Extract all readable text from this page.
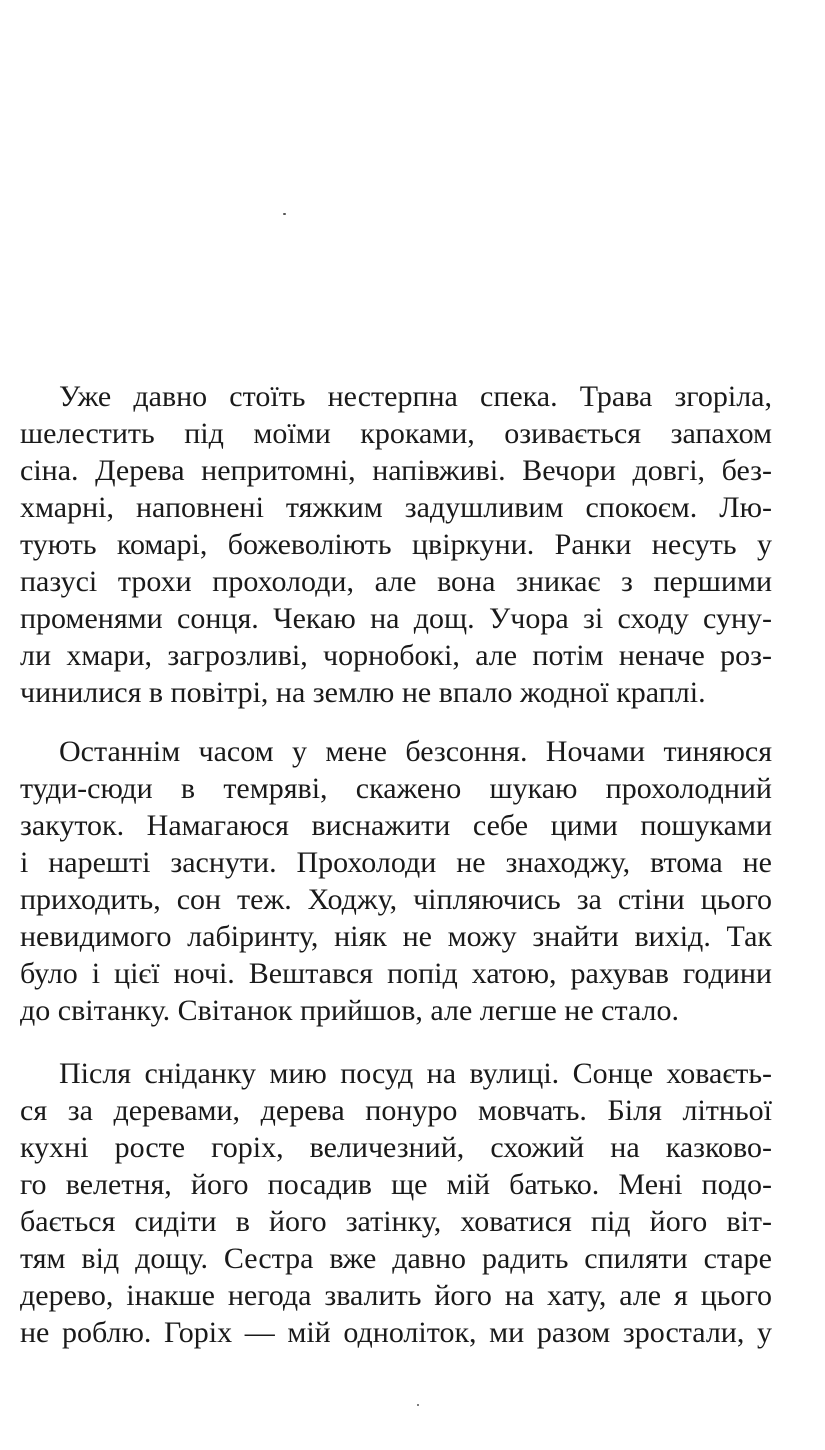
Уже давно стоїть нестерпна спека. Трава згоріла,
шелестить під моїми кроками, озивається запахом
сіна. Дерева непритомні, напівживі. Вечори довгі, без-
хмарні, наповнені тяжким задушливим спокоєм. Лю-
тують комарі, божеволіють цвіркуни. Ранки несуть у
пазусі трохи прохолоди, але вона зникає з першими
променями сонця. Чекаю на дощ. Учора зі сходу суну-
ли хмари, загрозливі, чорнобокі, але потім неначе роз-
чинилися в повітрі, на землю не впало жодної краплі.
Останнім часом у мене безсоння. Ночами тиняюся
туди-сюди в темряві, скажено шукаю прохолодний
закуток. Намагаюся виснажити себе цими пошуками
і нарешті заснути. Прохолоди не знаходжу, втома не
приходить, сон теж. Ходжу, чіпляючись за стіни цього
невидимого лабіринту, ніяк не можу знайти вихід. Так
було і цієї ночі. Вештався попід хатою, рахував години
до світанку. Світанок прийшов, але легше не стало.
Після сніданку мию посуд на вулиці. Сонце ховаєть-
ся за деревами, дерева понуро мовчать. Біля літньої
кухні росте горіх, величезний, схожий на казково-
го велетня, його посадив ще мій батько. Мені подо-
бається сидіти в його затінку, ховатися під його віт-
тям від дощу. Сестра вже давно радить спиляти старе
дерево, інакше негода звалить його на хату, але я цього
не роблю. Горіх — мій одноліток, ми разом зростали, у
